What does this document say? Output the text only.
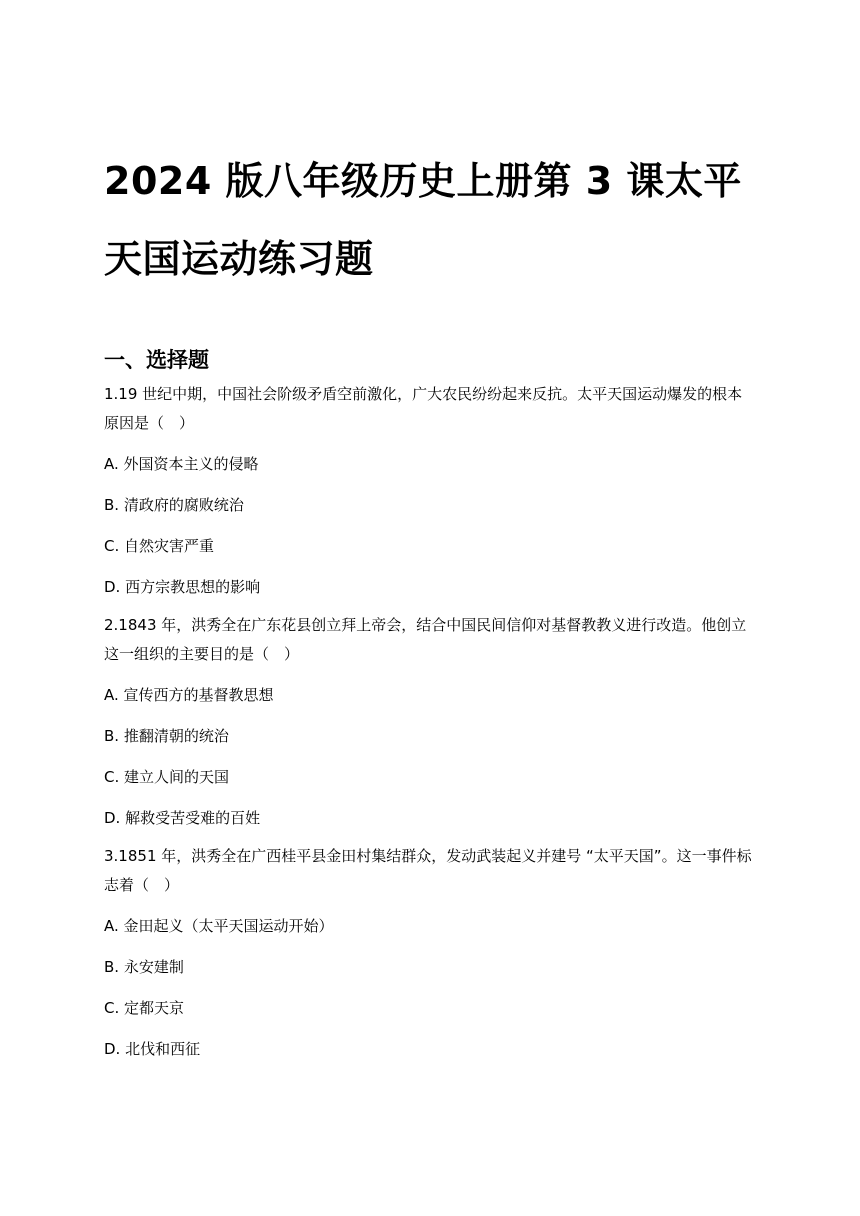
2024 版八年级历史上册第 3 课太平天国运动练习题
一、选择题

1.19 世纪中期，中国社会阶级矛盾空前激化，广大农民纷纷起来反抗。太平天国运动爆发的根本原因是（　）

A. 外国资本主义的侵略

B. 清政府的腐败统治

C. 自然灾害严重

D. 西方宗教思想的影响

2.1843 年，洪秀全在广东花县创立拜上帝会，结合中国民间信仰对基督教教义进行改造。他创立这一组织的主要目的是（　）

A. 宣传西方的基督教思想

B. 推翻清朝的统治

C. 建立人间的天国

D. 解救受苦受难的百姓

3.1851 年，洪秀全在广西桂平县金田村集结群众，发动武装起义并建号 “太平天国”。这一事件标志着（　）

A. 金田起义（太平天国运动开始）

B. 永安建制

C. 定都天京

D. 北伐和西征
